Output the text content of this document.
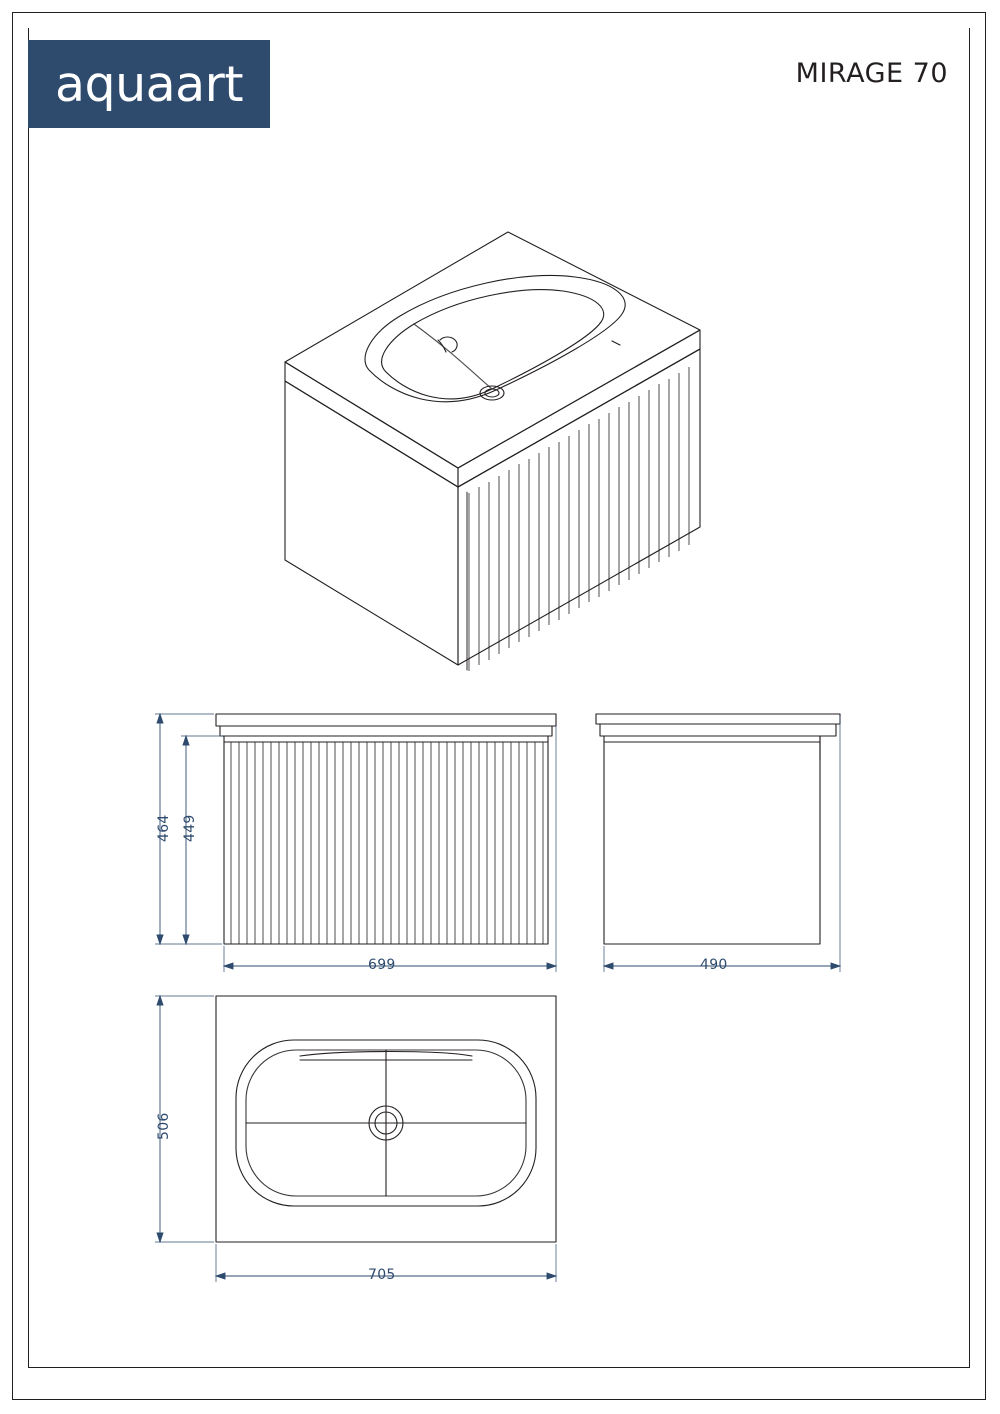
aquaart	MIRAGE 70
464 449
699	490
506
705
